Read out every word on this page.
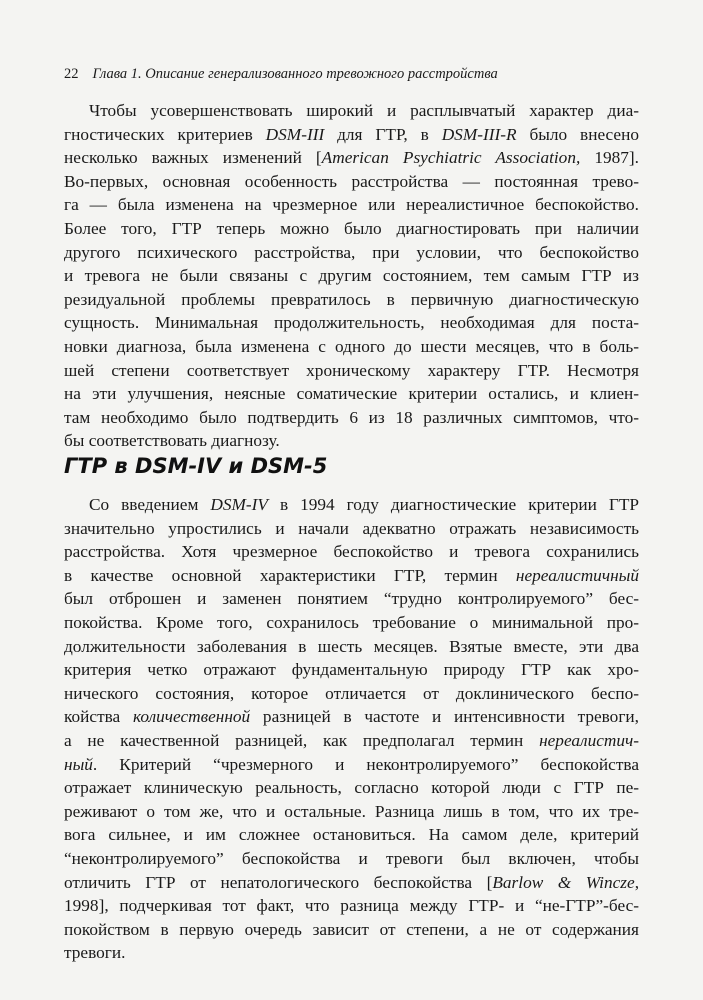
22 Глава 1. Описание генерализованного тревожного расстройства
Чтобы усовершенствовать широкий и расплывчатый характер диа-
гностических критериев DSM-III для ГТР, в DSM-III-R было внесено
несколько важных изменений [American Psychiatric Association, 1987].
Во-первых, основная особенность расстройства — постоянная трево-
га — была изменена на чрезмерное или нереалистичное беспокойство.
Более того, ГТР теперь можно было диагностировать при наличии
другого психического расстройства, при условии, что беспокойство
и тревога не были связаны с другим состоянием, тем самым ГТР из
резидуальной проблемы превратилось в первичную диагностическую
сущность. Минимальная продолжительность, необходимая для поста-
новки диагноза, была изменена с одного до шести месяцев, что в боль-
шей степени соответствует хроническому характеру ГТР. Несмотря
на эти улучшения, неясные соматические критерии остались, и клиен-
там необходимо было подтвердить 6 из 18 различных симптомов, что-
бы соответствовать диагнозу.
ГТР в DSM-IV и DSM-5
Со введением DSM-IV в 1994 году диагностические критерии ГТР
значительно упростились и начали адекватно отражать независимость
расстройства. Хотя чрезмерное беспокойство и тревога сохранились
в качестве основной характеристики ГТР, термин нереалистичный
был отброшен и заменен понятием “трудно контролируемого” бес-
покойства. Кроме того, сохранилось требование о минимальной про-
должительности заболевания в шесть месяцев. Взятые вместе, эти два
критерия четко отражают фундаментальную природу ГТР как хро-
нического состояния, которое отличается от доклинического беспо-
койства количественной разницей в частоте и интенсивности тревоги,
а не качественной разницей, как предполагал термин нереалистич-
ный. Критерий “чрезмерного и неконтролируемого” беспокойства
отражает клиническую реальность, согласно которой люди с ГТР пе-
реживают о том же, что и остальные. Разница лишь в том, что их тре-
вога сильнее, и им сложнее остановиться. На самом деле, критерий
“неконтролируемого” беспокойства и тревоги был включен, чтобы
отличить ГТР от непатологического беспокойства [Barlow & Wincze,
1998], подчеркивая тот факт, что разница между ГТР- и “не-ГТР”-бес-
покойством в первую очередь зависит от степени, а не от содержания
тревоги.
